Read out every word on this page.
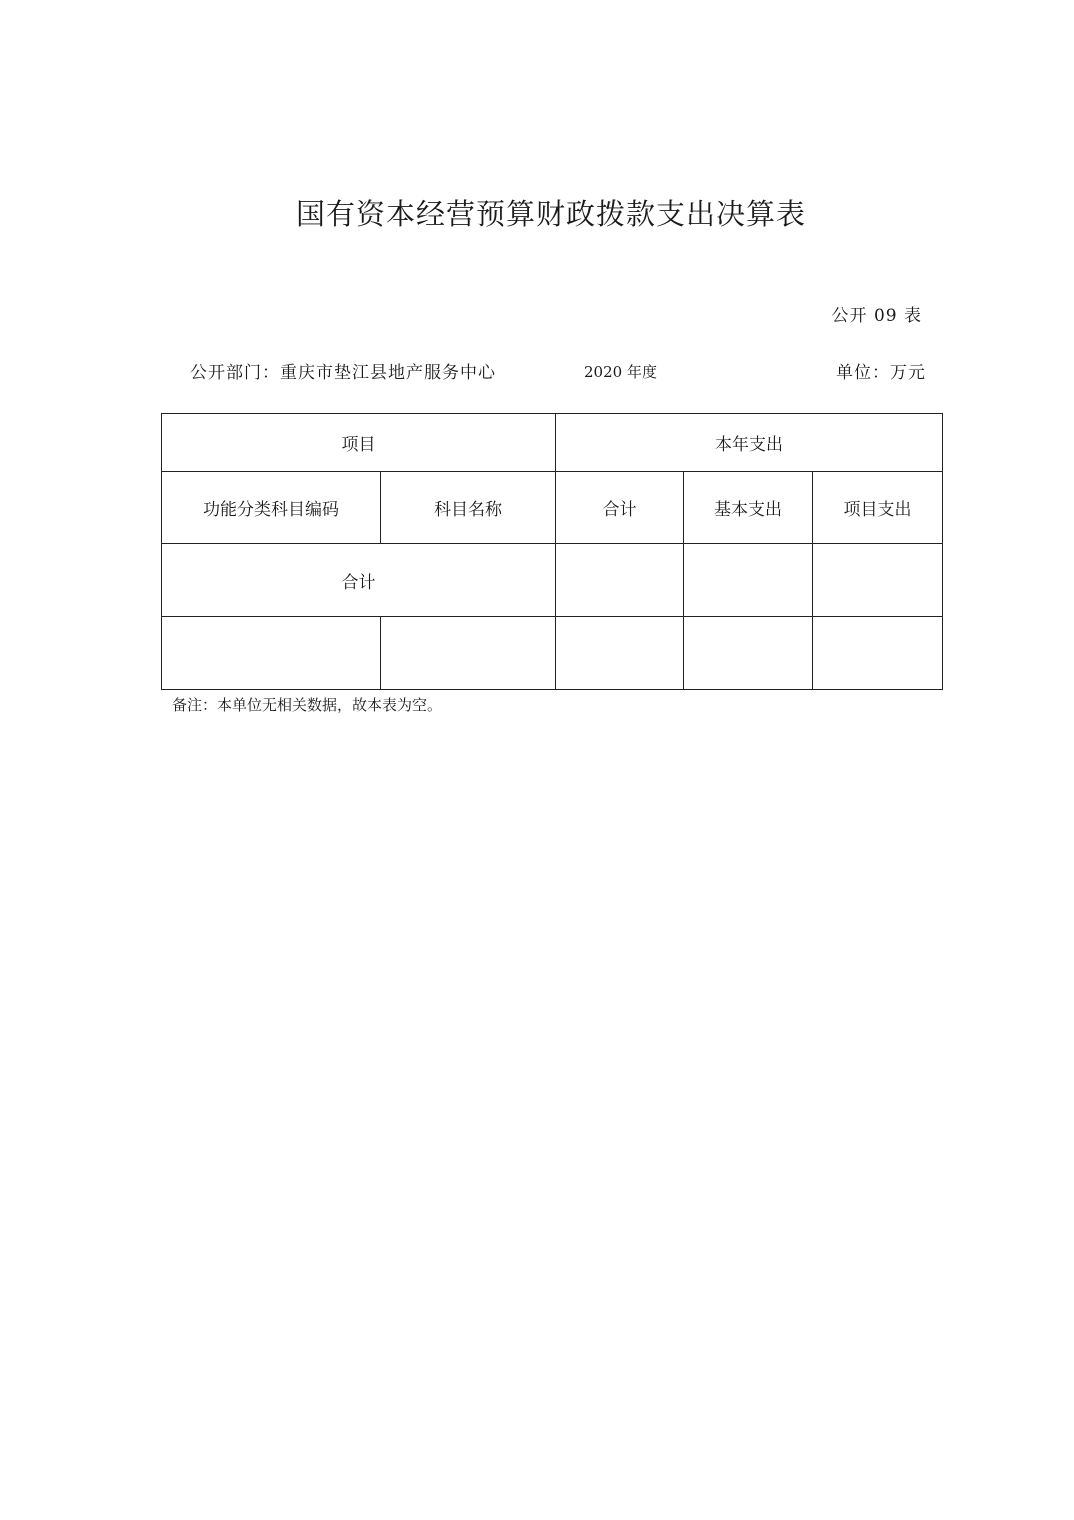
国有资本经营预算财政拨款支出决算表
公开 09 表
公开部门：重庆市垫江县地产服务中心	2020 年度	单位：万元
项目		本年支出		
功能分类科目编码	科目名称	合计	基本支出	项目支出
合计				

备注：本单位无相关数据，故本表为空。
